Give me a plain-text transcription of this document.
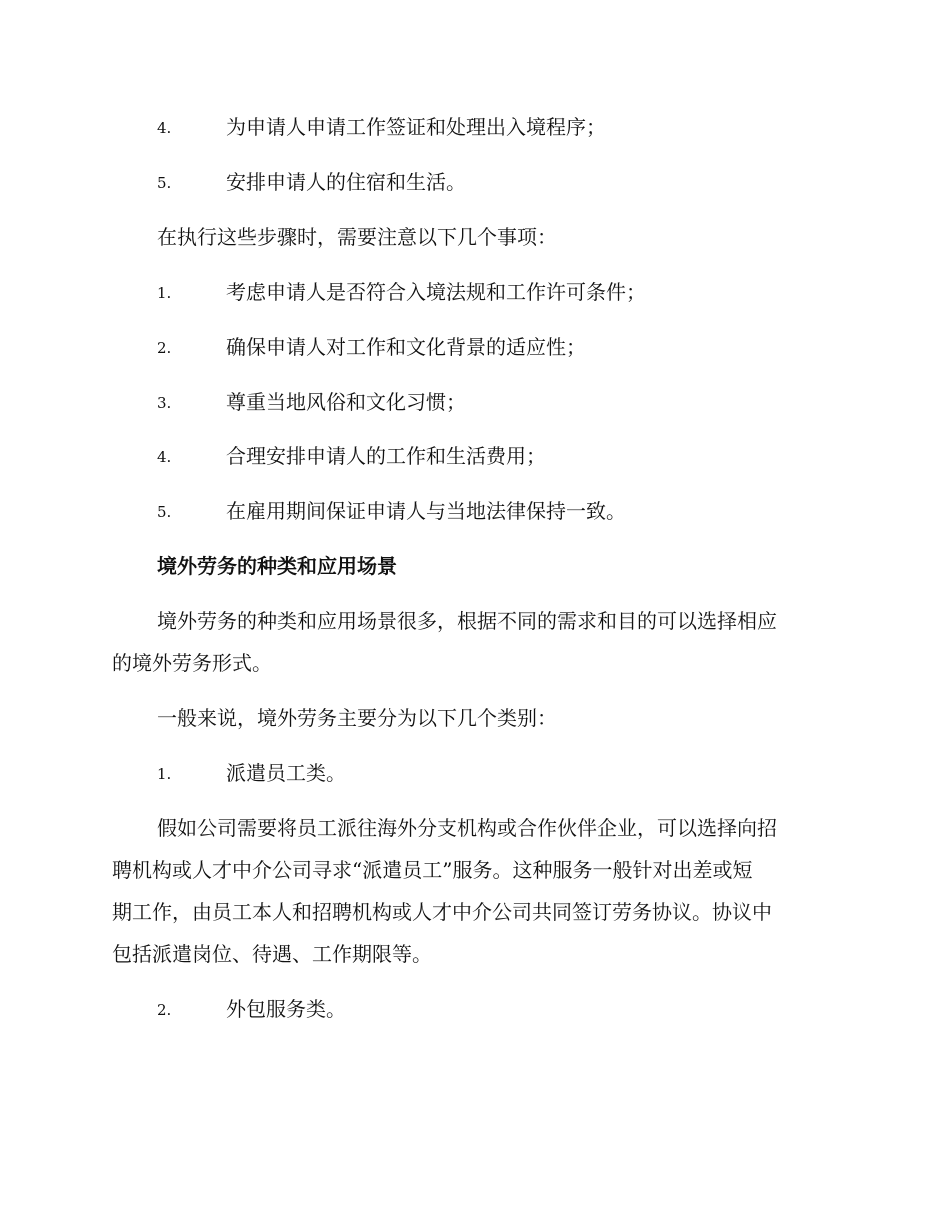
4.	为申请人申请工作签证和处理出入境程序；
5.	安排申请人的住宿和生活。
在执行这些步骤时，需要注意以下几个事项：
1.	考虑申请人是否符合入境法规和工作许可条件；
2.	确保申请人对工作和文化背景的适应性；
3.	尊重当地风俗和文化习惯；
4.	合理安排申请人的工作和生活费用；
5.	在雇用期间保证申请人与当地法律保持一致。
境外劳务的种类和应用场景
境外劳务的种类和应用场景很多，根据不同的需求和目的可以选择相应
的境外劳务形式。
一般来说，境外劳务主要分为以下几个类别：
1.	派遣员工类。
假如公司需要将员工派往海外分支机构或合作伙伴企业，可以选择向招
聘机构或人才中介公司寻求“派遣员工”服务。这种服务一般针对出差或短
期工作，由员工本人和招聘机构或人才中介公司共同签订劳务协议。协议中
包括派遣岗位、待遇、工作期限等。
2.	外包服务类。
